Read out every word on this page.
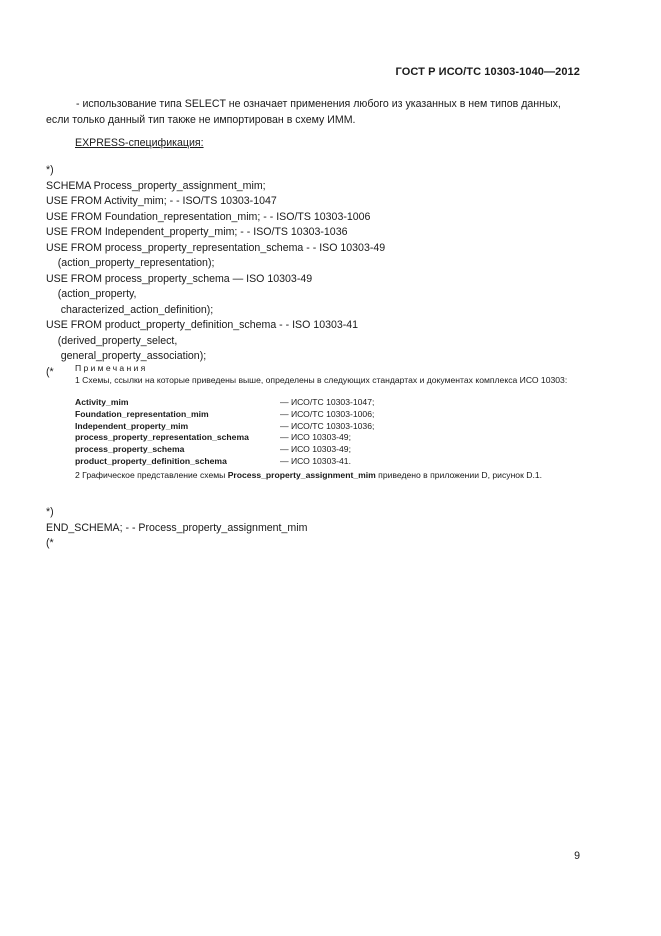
ГОСТ Р ИСО/ТС 10303-1040—2012
- использование типа SELECT не означает применения любого из указанных в нем типов данных, если только данный тип также не импортирован в схему ИММ.
EXPRESS-спецификация:
*)
SCHEMA Process_property_assignment_mim;
USE FROM Activity_mim; - - ISO/TS 10303-1047
USE FROM Foundation_representation_mim; - - ISO/TS 10303-1006
USE FROM Independent_property_mim; - - ISO/TS 10303-1036
USE FROM process_property_representation_schema - - ISO 10303-49
(action_property_representation);
USE FROM process_property_schema — ISO 10303-49
(action_property,
characterized_action_definition);
USE FROM product_property_definition_schema - - ISO 10303-41
(derived_property_select,
general_property_association);
(*	Примечания
1 Схемы, ссылки на которые приведены выше, определены в следующих стандартах и документах комплекса ИСО 10303:
Activity_mim	— ИСО/ТС 10303-1047;
Foundation_representation_mim	— ИСО/ТС 10303-1006;
Independent_property_mim	— ИСО/ТС 10303-1036;
process_property_representation_schema	— ИСО 10303-49;
process_property_schema	— ИСО 10303-49;
product_property_definition_schema	— ИСО 10303-41.
2 Графическое представление схемы Process_property_assignment_mim приведено в приложении D, рисунок D.1.
*)
END_SCHEMA; - - Process_property_assignment_mim
(*
9
